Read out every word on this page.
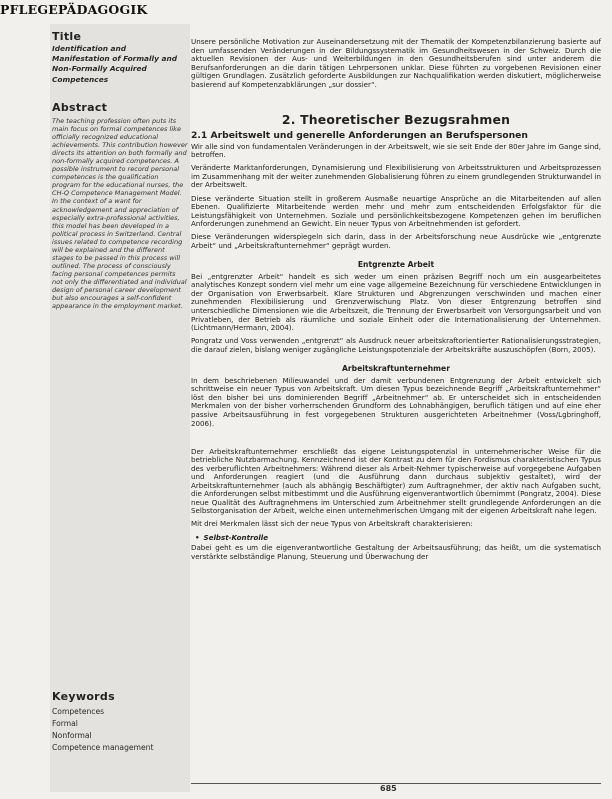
PFLEGEPÄDAGOGIK
Title
Identification and Manifestation of Formally and Non-Formally Acquired Competences
Abstract
The teaching profession often puts its main focus on formal competences like officially recognized educational achievements. This contribution however directs its attention on both formally and non-formally acquired competences. A possible instrument to record personal competences is the qualification program for the educational nurses, the CH-Q Competence Management Model. In the context of a want for acknowledgement and appreciation of especially extra-professional activities, this model has been developed in a political process in Switzerland. Central issues related to competence recording will be explained and the different stages to be passed in this process will outlined. The process of consciously facing personal competences permits not only the differentiated and individual design of personal career development but also encourages a self-confident appearance in the employment market.
Keywords
Competences
Formal
Nonformal
Competence management

Unsere persönliche Motivation zur Auseinandersetzung mit der Thematik der Kompetenzbilanzierung basierte auf den umfassenden Veränderungen in der Bildungssystematik im Gesundheitswesen in der Schweiz. Durch die aktuellen Revisionen der Aus- und Weiterbildungen in den Gesundheitsberufen sind unter anderem die Berufsanforderungen an die darin tätigen Lehrpersonen unklar. Diese führten zu vorgebenen Revisionen einer gültigen Grundlagen. Zusätzlich geforderte Ausbildungen zur Nachqualifikation werden diskutiert, möglicherweise basierend auf Kompetenzabklärungen „sur dossier“.

2. Theoretischer Bezugsrahmen
2.1 Arbeitswelt und generelle Anforderungen an Berufspersonen

Wir alle sind von fundamentalen Veränderungen in der Arbeitswelt, wie sie seit Ende der 80er Jahre im Gange sind, betroffen.

Veränderte Marktanforderungen, Dynamisierung und Flexibilisierung von Arbeitsstrukturen und Arbeitsprozessen im Zusammenhang mit der weiter zunehmenden Globalisierung führen zu einem grundlegenden Strukturwandel in der Arbeitswelt.

Diese veränderte Situation stellt in großerem Ausmaße neuartige Ansprüche an die Mitarbeitenden auf allen Ebenen. Qualifizierte Mitarbeitende werden mehr und mehr zum entscheidenden Erfolgsfaktor für die Leistungsfähigkeit von Unternehmen. Soziale und persönlichkeitsbezogene Kompetenzen gehen im beruflichen Anforderungen zunehmend an Gewicht. Ein neuer Typus von Arbeitnehmenden ist gefordert.

Diese Veränderungen widerspiegeln sich darin, dass in der Arbeitsforschung neue Ausdrücke wie „entgrenzte Arbeit“ und „Arbeitskraftunternehmer“ geprägt wurden.

Entgrenzte Arbeit

Bei „entgrenzter Arbeit“ handelt es sich weder um einen präzisen Begriff noch um ein ausgearbeitetes analytisches Konzept sondern viel mehr um eine vage allgemeine Bezeichnung für verschiedene Entwicklungen in der Organisation von Erwerbsarbeit. Klare Strukturen und Abgrenzungen verschwinden und machen einer zunehmenden Flexibilisierung und Grenzverwischung Platz. Von dieser Entgrenzung betroffen sind unterschiedliche Dimensionen wie die Arbeitszeit, die Trennung der Erwerbsarbeit von Versorgungsarbeit und von Privatleben, der Betrieb als räumliche und soziale Einheit oder die Internationalisierung der Unternehmen. (Lichtmann/Hermann, 2004).

Pongratz und Voss verwenden „entgrenzt“ als Ausdruck neuer arbeitskraftorientierter Rationalisierungsstrategien, die darauf zielen, bislang weniger zugängliche Leistungspotenziale der Arbeitskräfte auszuschöpfen (Born, 2005).

Arbeitskraftunternehmer

In dem beschriebenen Milieuwandel und der damit verbundenen Entgrenzung der Arbeit entwickelt sich schrittweise ein neuer Typus von Arbeitskraft. Um diesen Typus bezeichnende Begriff „Arbeitskraftunternehmer“ löst den bisher bei uns dominierenden Begriff „Arbeitnehmer“ ab. Er unterscheidet sich in entscheidenden Merkmalen von der bisher vorherrschenden Grundform des Lohnabhängigen, beruflich tätigen und auf eine eher passive Arbeitsausführung in fest vorgegebenen Strukturen ausgerichteten Arbeitnehmer (Voss/Lgbringhoff, 2006).

Der Arbeitskraftunternehmer erschließt das eigene Leistungspotenzial in unternehmerischer Weise für die betriebliche Nutzbarmachung. Kennzeichnend ist der Kontrast zu dem für den Fordismus charakteristischen Typus des verberuflichten Arbeitnehmers: Während dieser als Arbeit-Nehmer typischerweise auf vorgegebene Aufgaben und Anforderungen reagiert (und die Ausführung dann durchaus subjektiv gestaltet), wird der Arbeitskraftunternehmer (auch als abhängig Beschäftigter) zum Auftragnehmer, der aktiv nach Aufgaben sucht, die Anforderungen selbst mitbestimmt und die Ausführung eigenverantwortlich übernimmt (Pongratz, 2004). Diese neue Qualität des Auftragnehmens im Unterschied zum Arbeitnehmer stellt grundlegende Anforderungen an die Selbstorganisation der Arbeit, welche einen unternehmerischen Umgang mit der eigenen Arbeitskraft nahe legen.

Mit drei Merkmalen lässt sich der neue Typus von Arbeitskraft charakterisieren:

• Selbst-Kontrolle

Dabei geht es um die eigenverantwortliche Gestaltung der Arbeitsausführung; das heißt, um die systematisch verstärkte selbständige Planung, Steuerung und Überwachung der

685
